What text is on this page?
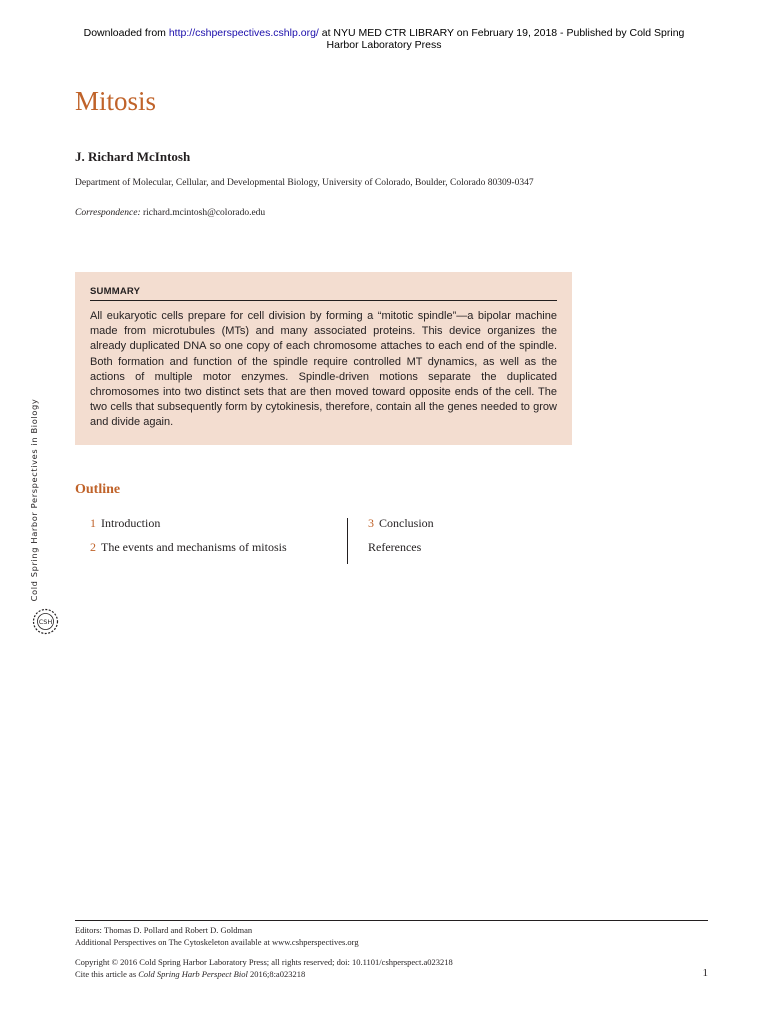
Downloaded from http://cshperspectives.cshlp.org/ at NYU MED CTR LIBRARY on February 19, 2018 - Published by Cold Spring
Harbor Laboratory Press
Mitosis
J. Richard McIntosh
Department of Molecular, Cellular, and Developmental Biology, University of Colorado, Boulder, Colorado 80309-0347
Correspondence: richard.mcintosh@colorado.edu
SUMMARY
All eukaryotic cells prepare for cell division by forming a “mitotic spindle”—a bipolar machine made from microtubules (MTs) and many associated proteins. This device organizes the already duplicated DNA so one copy of each chromosome attaches to each end of the spindle. Both formation and function of the spindle require controlled MT dynamics, as well as the actions of multiple motor enzymes. Spindle-driven motions separate the duplicated chromosomes into two distinct sets that are then moved toward opposite ends of the cell. The two cells that subsequently form by cytokinesis, therefore, contain all the genes needed to grow and divide again.
Cold Spring Harbor Perspectives in Biology
CSH
Outline
1 Introduction
2 The events and mechanisms of mitosis
3 Conclusion
References
Editors: Thomas D. Pollard and Robert D. Goldman
Additional Perspectives on The Cytoskeleton available at www.cshperspectives.org
Copyright © 2016 Cold Spring Harbor Laboratory Press; all rights reserved; doi: 10.1101/cshperspect.a023218
Cite this article as Cold Spring Harb Perspect Biol 2016;8:a023218	1
